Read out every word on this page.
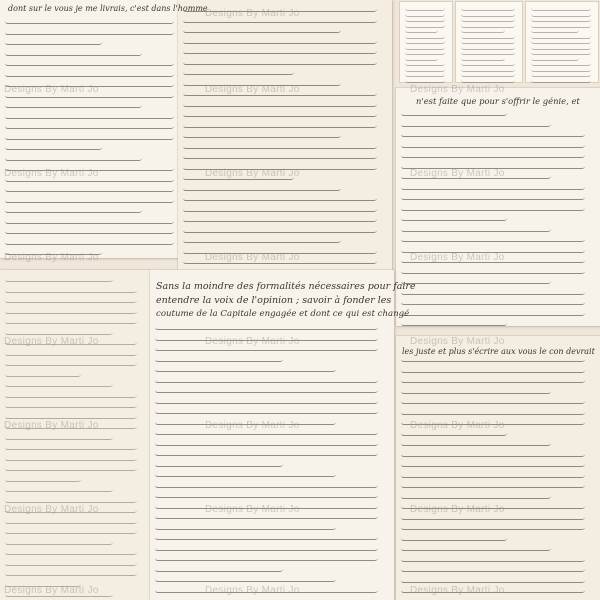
dont sur le vous je me livrais, c'est dans l'homme
Sans la moindre des formalités nécessaires pour faire
entendre la voix de l'opinion ; savoir à fonder les
coutume de la Capitale engagée et dont ce qui est changé
n'est faite que pour s'offrir le génie, et
les juste et plus s'écrire aux vous le con devrait
Designs By Marti Jo
Designs By Marti Jo	Designs By Marti Jo	Designs By Marti Jo
Designs By Marti Jo	Designs By Marti Jo	Designs By Marti Jo
Designs By Marti Jo	Designs By Marti Jo	Designs By Marti Jo
Designs By Marti Jo	Designs By Marti Jo	Designs By Marti Jo
Designs By Marti Jo	Designs By Marti Jo	Designs By Marti Jo
Designs By Marti Jo	Designs By Marti Jo	Designs By Marti Jo
Designs By Marti Jo	Designs By Marti Jo	Designs By Marti Jo
